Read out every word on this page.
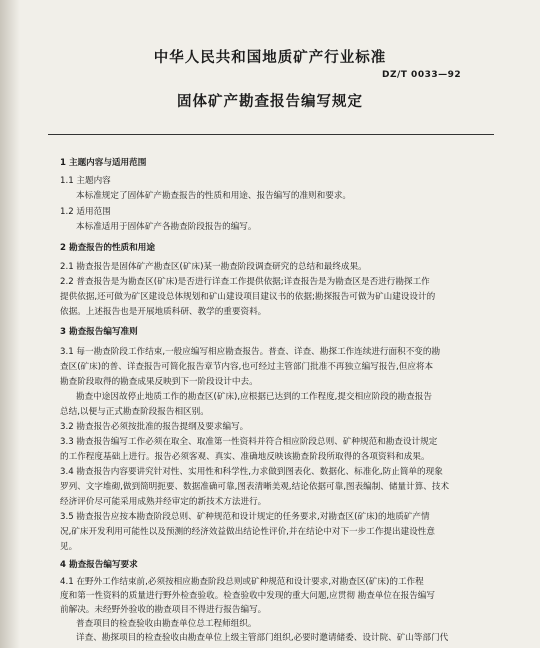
中华人民共和国地质矿产行业标准
DZ/T 0033—92
固体矿产勘查报告编写规定
1 主题内容与适用范围
1.1 主题内容
本标准规定了固体矿产勘查报告的性质和用途、报告编写的准则和要求。
1.2 适用范围
本标准适用于固体矿产各勘查阶段报告的编写。
2 勘查报告的性质和用途
2.1 勘查报告是固体矿产勘查区(矿床)某一勘查阶段调查研究的总结和最终成果。
2.2 普查报告是为勘查区(矿床)是否进行详查工作提供依据;详查报告是为勘查区是否进行勘探工作
提供依据,还可做为矿区建设总体规划和矿山建设项目建议书的依据;勘探报告可做为矿山建设设计的
依据。上述报告也是开展地质科研、教学的重要资料。
3 勘查报告编写准则
3.1 每一勘查阶段工作结束,一般应编写相应勘查报告。普查、详查、勘探工作连续进行面积不变的勘
查区(矿床)的普、详查报告可简化报告章节内容,也可经过主管部门批准不再独立编写报告,但应将本
勘查阶段取得的勘查成果反映到下一阶段设计中去。
勘查中途因故停止地质工作的勘查区(矿床),应根据已达到的工作程度,提交相应阶段的勘查报告
总结,以便与正式勘查阶段报告相区别。
3.2 勘查报告必须按批准的报告提纲及要求编写。
3.3 勘查报告编写工作必须在取全、取准第一性资料并符合相应阶段总则、矿种规范和勘查设计规定
的工作程度基础上进行。报告必须客观、真实、准确地反映该勘查阶段所取得的各项资料和成果。
3.4 勘查报告内容要讲究针对性、实用性和科学性,力求做到图表化、数据化、标准化,防止简单的现象
罗列、文字堆砌,做到简明扼要、数据准确可靠,图表清晰美观,结论依据可靠,图表编制、储量计算、技术
经济评价尽可能采用成熟并经审定的新技术方法进行。
3.5 勘查报告应按本勘查阶段总则、矿种规范和设计规定的任务要求,对勘查区(矿床)的地质矿产情
况,矿床开发利用可能性以及预测的经济效益做出结论性评价,并在结论中对下一步工作提出建设性意
见。
4 勘查报告编写要求
4.1 在野外工作结束前,必须按相应勘查阶段总则或矿种规范和设计要求,对勘查区(矿床)的工作程
度和第一性资料的质量进行野外检查验收。检查验收中发现的重大问题,应贯彻 勘查单位在报告编写
前解决。未经野外验收的勘查项目不得进行报告编写。
普查项目的检查验收由勘查单位总工程师组织。
详查、勘探项目的检查验收由勘查单位上级主管部门组织,必要时邀请储委、设计院、矿山等部门代
